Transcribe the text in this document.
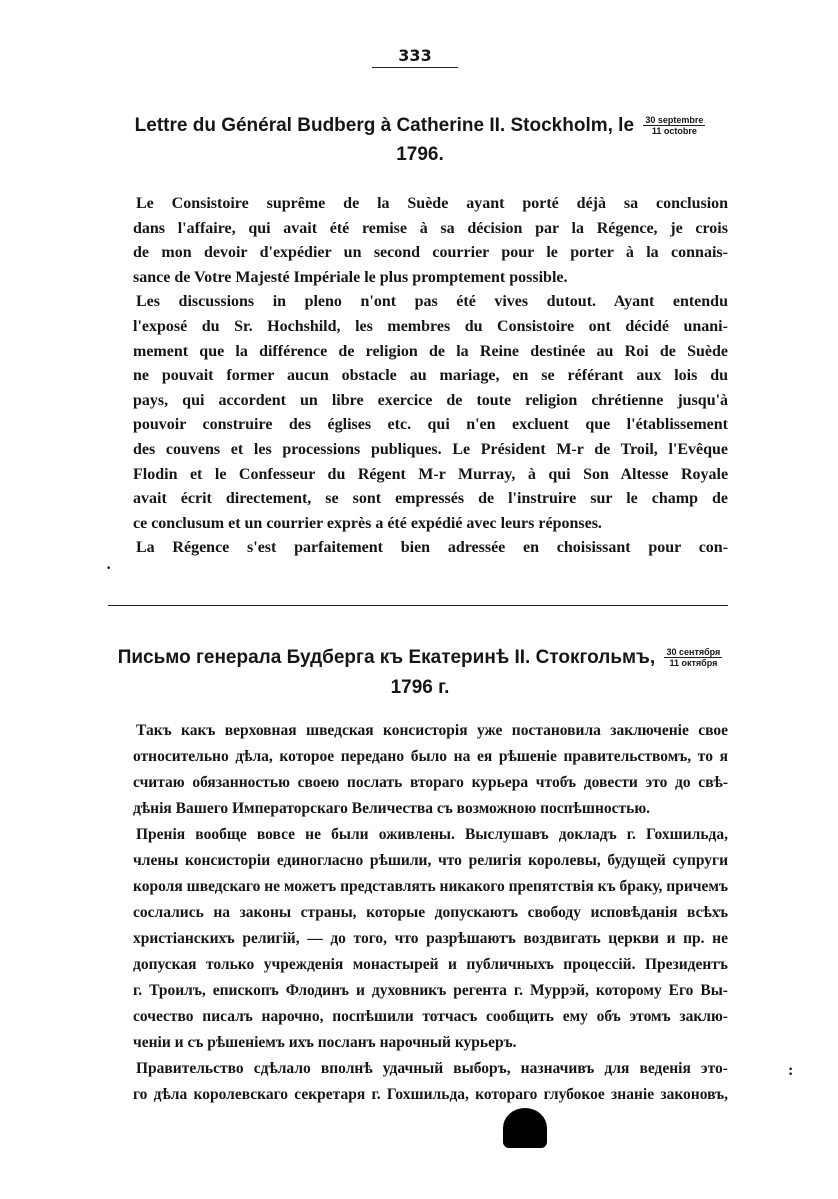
333
Lettre du Général Budberg à Catherine II. Stockholm, le $\frac{\text{30 septembre}}{\text{11 octobre}}$
1796.
Le Consistoire suprême de la Suède ayant porté déjà sa conclusion
dans l'affaire, qui avait été remise à sa décision par la Régence, je crois
de mon devoir d'expédier un second courrier pour le porter à la connais-
sance de Votre Majesté Impériale le plus promptement possible.
Les discussions in pleno n'ont pas été vives dutout. Ayant entendu
l'exposé du Sr. Hochshild, les membres du Consistoire ont décidé unani-
mement que la différence de religion de la Reine destinée au Roi de Suède
ne pouvait former aucun obstacle au mariage, en se référant aux lois du
pays, qui accordent un libre exercice de toute religion chrétienne jusqu'à
pouvoir construire des églises etc. qui n'en excluent que l'établissement
des couvens et les processions publiques. Le Président M-r de Troil, l'Evêque
Flodin et le Confesseur du Régent M-r Murray, à qui Son Altesse Royale
avait écrit directement, se sont empressés de l'instruire sur le champ de
ce conclusum et un courrier exprès a été expédié avec leurs réponses.
La Régence s'est parfaitement bien adressée en choisissant pour con-
·
Письмо генерала Будберга къ Екатеринѣ II. Стокгольмъ, $\frac{\text{30 сентября}}{\text{11 октября}}$
1796 г.
Такъ какъ верховная шведская консисторія уже постановила заключеніе свое
относительно дѣла, которое передано было на ея рѣшеніе правительствомъ, то я
считаю обязанностью своею послать втораго курьера чтобъ довести это до свѣ-
дѣнія Вашего Императорскаго Величества съ возможною поспѣшностью.
Пренія вообще вовсе не были оживлены. Выслушавъ докладъ г. Гохшильда,
члены консисторіи единогласно рѣшили, что религія королевы, будущей супруги
короля шведскаго не можетъ представлять никакого препятствія къ браку, причемъ
сослались на законы страны, которые допускаютъ свободу исповѣданія всѣхъ
христіанскихъ религій, — до того, что разрѣшаютъ воздвигать церкви и пр. не
допуская только учрежденія монастырей и публичныхъ процессій. Президентъ
г. Троилъ, епископъ Флодинъ и духовникъ регента г. Муррэй, которому Его Вы-
сочество писалъ нарочно, поспѣшили тотчасъ сообщить ему объ этомъ заклю-
ченіи и съ рѣшеніемъ ихъ посланъ нарочный курьеръ.
Правительство сдѣлало вполнѣ удачный выборъ, назначивъ для веденія это-
го дѣла королевскаго секретаря г. Гохшильда, котораго глубокое знаніе законовъ,
:
